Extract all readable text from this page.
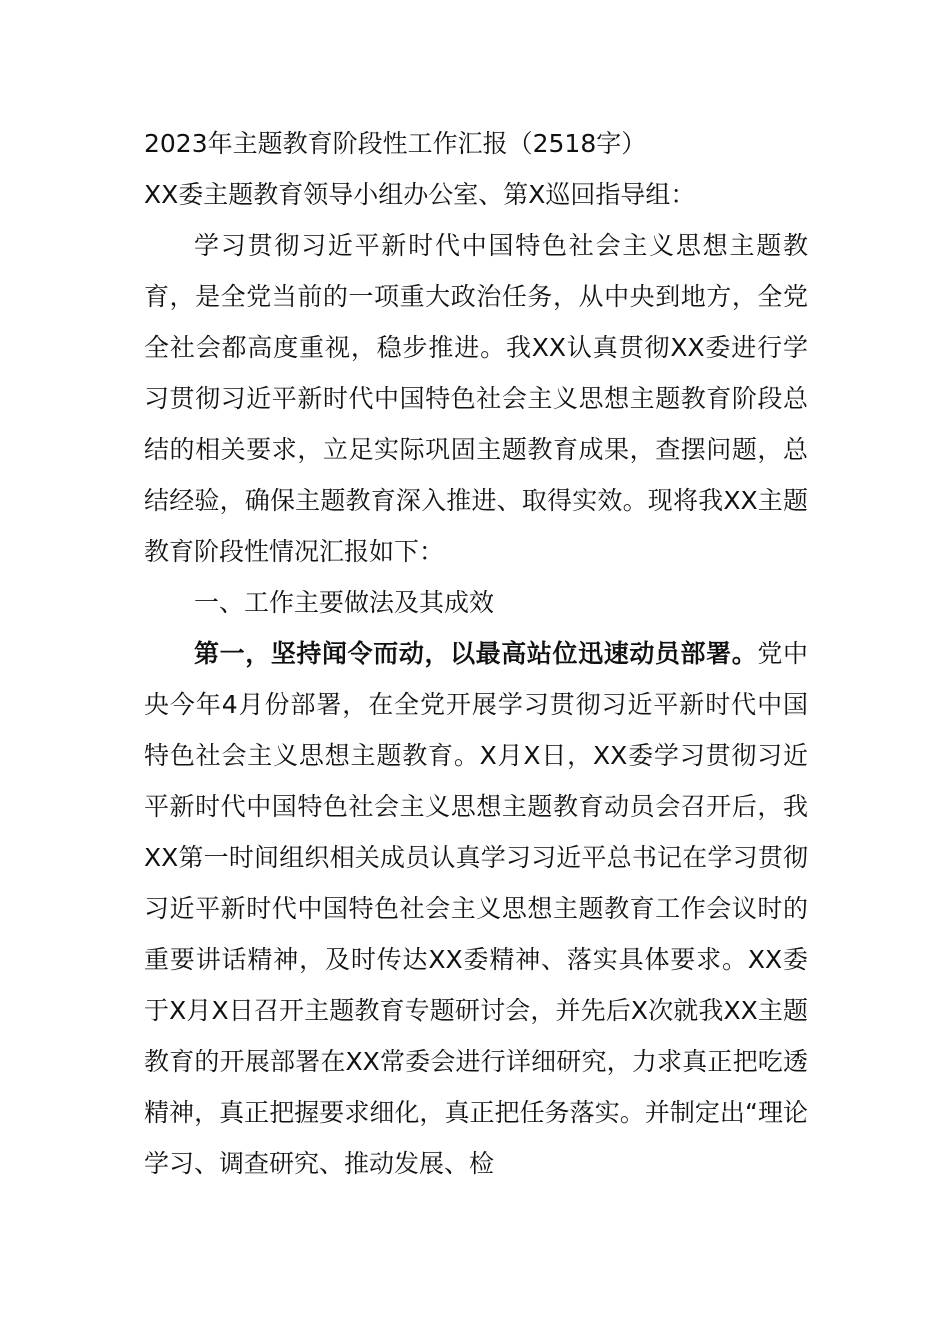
2023年主题教育阶段性工作汇报（2518字）

XX委主题教育领导小组办公室、第X巡回指导组：

学习贯彻习近平新时代中国特色社会主义思想主题教育，是全党当前的一项重大政治任务，从中央到地方，全党全社会都高度重视，稳步推进。我XX认真贯彻XX委进行学习贯彻习近平新时代中国特色社会主义思想主题教育阶段总结的相关要求，立足实际巩固主题教育成果，查摆问题，总结经验，确保主题教育深入推进、取得实效。现将我XX主题教育阶段性情况汇报如下：

一、工作主要做法及其成效

第一，坚持闻令而动，以最高站位迅速动员部署。党中央今年4月份部署，在全党开展学习贯彻习近平新时代中国特色社会主义思想主题教育。X月X日，XX委学习贯彻习近平新时代中国特色社会主义思想主题教育动员会召开后，我XX第一时间组织相关成员认真学习习近平总书记在学习贯彻习近平新时代中国特色社会主义思想主题教育工作会议时的重要讲话精神，及时传达XX委精神、落实具体要求。XX委于X月X日召开主题教育专题研讨会，并先后X次就我XX主题教育的开展部署在XX常委会进行详细研究，力求真正把吃透精神，真正把握要求细化，真正把任务落实。并制定出“理论学习、调查研究、推动发展、检
